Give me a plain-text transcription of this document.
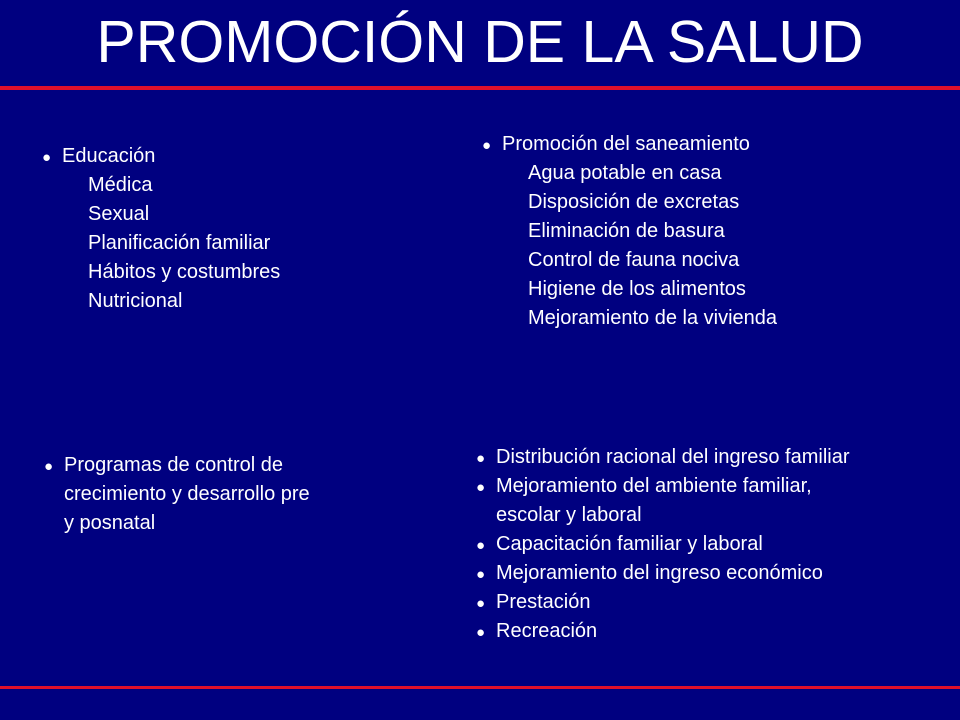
PROMOCIÓN DE LA SALUD
● Educación
Médica
Sexual
Planificación familiar
Hábitos y costumbres
Nutricional
● Promoción del saneamiento
Agua potable en casa
Disposición de excretas
Eliminación de basura
Control de fauna nociva
Higiene de los alimentos
Mejoramiento de la vivienda
● Programas de control de
crecimiento y desarrollo pre
y posnatal
● Distribución racional del ingreso familiar
● Mejoramiento del ambiente familiar,
escolar y laboral
● Capacitación familiar y laboral
● Mejoramiento del ingreso económico
● Prestación
● Recreación
